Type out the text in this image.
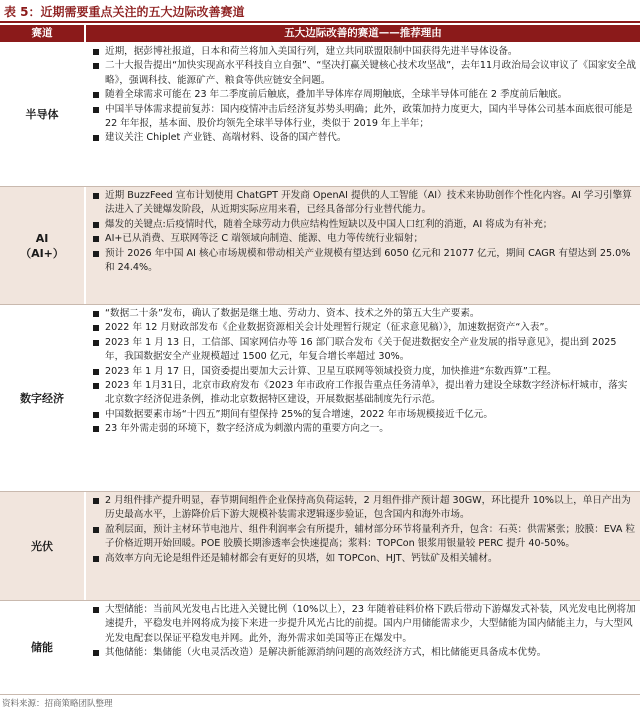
表 5：近期需要重点关注的五大边际改善赛道
赛道	五大边际改善的赛道——推荐理由
半导体
近期，据彭博社报道，日本和荷兰将加入美国行列，建立共同联盟限制中国获得先进半导体设备。
二十大报告提出“加快实现高水平科技自立自强”、“坚决打赢关键核心技术攻坚战”，去年11月政治局会议审议了《国家安全战略》，强调科技、能源矿产、粮食等供应链安全问题。
随着全球需求可能在 23 年二季度前后触底，叠加半导体库存周期触底，全球半导体可能在 2 季度前后触底。
中国半导体需求提前复苏：国内疫情冲击后经济复苏势头明确；此外，政策加持力度更大，国内半导体公司基本面底很可能是 22 年年报，基本面、股价均领先全球半导体行业，类似于 2019 年上半年；
建议关注 Chiplet 产业链、高端材料、设备的国产替代。
AI
（AI+）
近期 BuzzFeed 宣布计划使用 ChatGPT 开发商 OpenAI 提供的人工智能（AI）技术来协助创作个性化内容。AI 学习引擎算法进入了关键爆发阶段，从近期实际应用来看，已经具备部分行业替代能力。
爆发的关键点:后疫情时代，随着全球劳动力供应结构性短缺以及中国人口红利的消逝，AI 将成为有补充；
AI+已从消费、互联网等泛 C 端领域向制造、能源、电力等传统行业辐射；
预计 2026 年中国 AI 核心市场规模和带动相关产业规模有望达到 6050 亿元和 21077 亿元，期间 CAGR 有望达到 25.0%和 24.4%。
数字经济
“数据二十条”发布，确认了数据是继土地、劳动力、资本、技术之外的第五大生产要素。
2022 年 12 月财政部发布《企业数据资源相关会计处理暂行规定（征求意见稿）》，加速数据资产“入表”。
2023 年 1 月 13 日，工信部、国家网信办等 16 部门联合发布《关于促进数据安全产业发展的指导意见》，提出到 2025 年，我国数据安全产业规模超过 1500 亿元，年复合增长率超过 30%。
2023 年 1 月 17 日，国资委提出要加大云计算、卫星互联网等领域投资力度，加快推进“东数西算”工程。
2023 年 1月31日，北京市政府发布《2023 年市政府工作报告重点任务清单》，提出着力建设全球数字经济标杆城市，落实北京数字经济促进条例，推动北京数据特区建设，开展数据基础制度先行示范。
中国数据要素市场“十四五”期间有望保持 25%的复合增速，2022 年市场规模接近千亿元。
23 年外需走弱的环境下，数字经济成为刺激内需的重要方向之一。
光伏
2 月组件排产提升明显，春节期间组件企业保持高负荷运转，2 月组件排产预计超 30GW，环比提升 10%以上，单日产出为历史最高水平，上游降价后下游大规模补装需求逻辑逐步验证，包含国内和海外市场。
盈利层面，预计主材环节电池片、组件利润率会有所提升，辅材部分环节将量利齐升，包含：石英：供需紧张；胶膜：EVA 粒子价格近期开始回暖。POE 胶膜长期渗透率会快速提高；浆料：TOPCon 银浆用银量较 PERC 提升 40-50%。
高效率方向无论是组件还是辅材都会有更好的贝塔，如 TOPCon、HJT、钙钛矿及相关辅材。
储能
大型储能：当前风光发电占比进入关键比例（10%以上），23 年随着硅料价格下跌后带动下游爆发式补装，风光发电比例将加速提升，平稳发电并网将成为接下来进一步提升风光占比的前提。国内户用储能需求少，大型储能为国内储能主力，与大型风光发电配套以保证平稳发电并网。此外，海外需求如美国等正在爆发中。
其他储能：集储能（火电灵活改造）是解决新能源消纳问题的高效经济方式，相比储能更具备成本优势。
资料来源：招商策略团队整理
